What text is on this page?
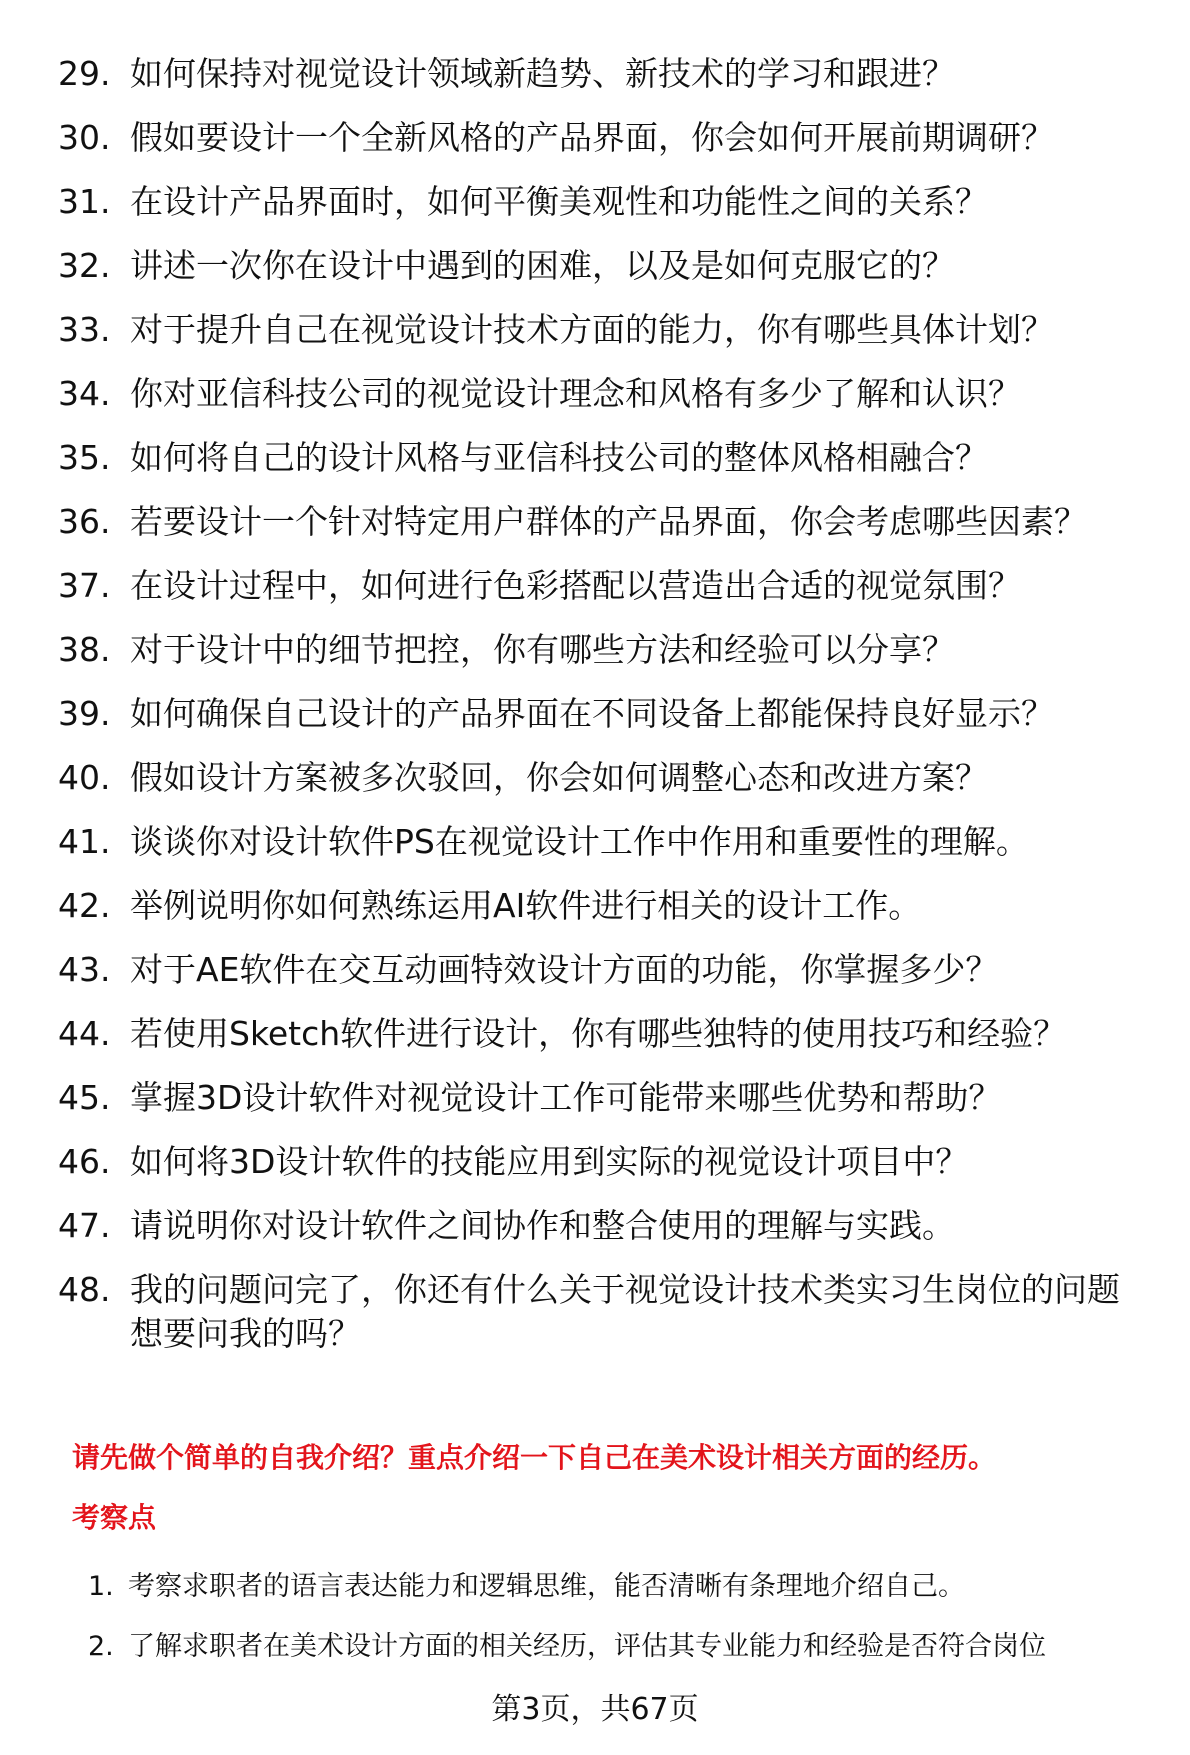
29. 如何保持对视觉设计领域新趋势、新技术的学习和跟进？
30. 假如要设计一个全新风格的产品界面，你会如何开展前期调研？
31. 在设计产品界面时，如何平衡美观性和功能性之间的关系？
32. 讲述一次你在设计中遇到的困难，以及是如何克服它的？
33. 对于提升自己在视觉设计技术方面的能力，你有哪些具体计划？
34. 你对亚信科技公司的视觉设计理念和风格有多少了解和认识？
35. 如何将自己的设计风格与亚信科技公司的整体风格相融合？
36. 若要设计一个针对特定用户群体的产品界面，你会考虑哪些因素？
37. 在设计过程中，如何进行色彩搭配以营造出合适的视觉氛围？
38. 对于设计中的细节把控，你有哪些方法和经验可以分享？
39. 如何确保自己设计的产品界面在不同设备上都能保持良好显示？
40. 假如设计方案被多次驳回，你会如何调整心态和改进方案？
41. 谈谈你对设计软件PS在视觉设计工作中作用和重要性的理解。
42. 举例说明你如何熟练运用AI软件进行相关的设计工作。
43. 对于AE软件在交互动画特效设计方面的功能，你掌握多少？
44. 若使用Sketch软件进行设计，你有哪些独特的使用技巧和经验？
45. 掌握3D设计软件对视觉设计工作可能带来哪些优势和帮助？
46. 如何将3D设计软件的技能应用到实际的视觉设计项目中？
47. 请说明你对设计软件之间协作和整合使用的理解与实践。
48. 我的问题问完了，你还有什么关于视觉设计技术类实习生岗位的问题想要问我的吗？
请先做个简单的自我介绍？重点介绍一下自己在美术设计相关方面的经历。
考察点
1. 考察求职者的语言表达能力和逻辑思维，能否清晰有条理地介绍自己。
2. 了解求职者在美术设计方面的相关经历，评估其专业能力和经验是否符合岗位
第3页，共67页
